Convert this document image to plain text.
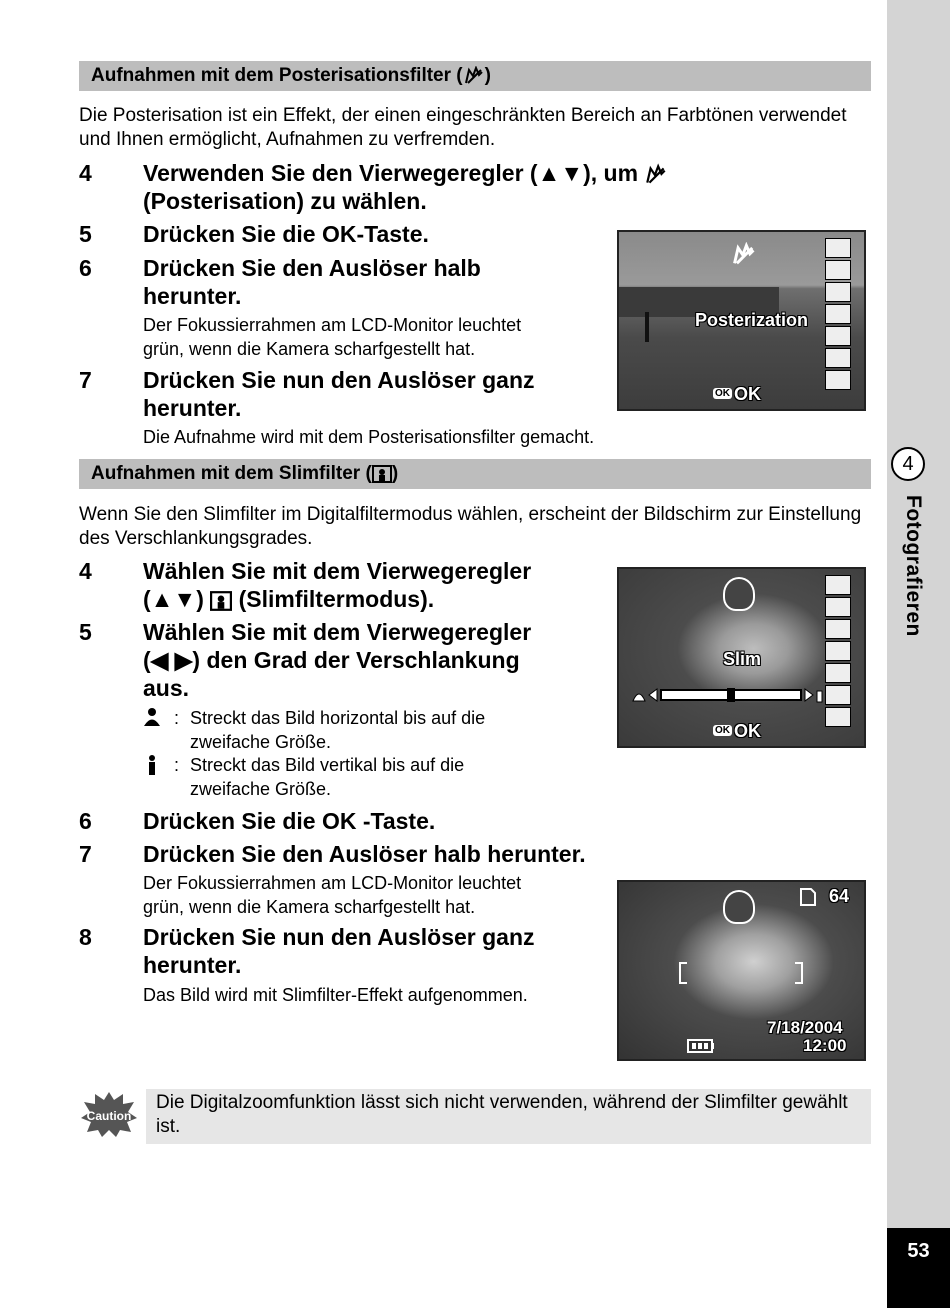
4
Fotografieren
53
Aufnahmen mit dem Posterisationsfilter ( )
Die Posterisation ist ein Effekt, der einen eingeschränkten Bereich an Farbtönen verwendet und Ihnen ermöglicht, Aufnahmen zu verfremden.
4 Verwenden Sie den Vierwegeregler (▲▼), um
(Posterisation) zu wählen.
5 Drücken Sie die OK-Taste.
6 Drücken Sie den Auslöser halb
herunter.
Der Fokussierrahmen am LCD-Monitor leuchtet
grün, wenn die Kamera scharfgestellt hat.
7 Drücken Sie nun den Auslöser ganz
herunter.
Die Aufnahme wird mit dem Posterisationsfilter gemacht.
Posterization
OK OK
Aufnahmen mit dem Slimfilter ( )
Wenn Sie den Slimfilter im Digitalfiltermodus wählen, erscheint der Bildschirm zur Einstellung des Verschlankungsgrades.
4 Wählen Sie mit dem Vierwegeregler
(▲▼) (Slimfiltermodus).
5 Wählen Sie mit dem Vierwegeregler
(◀ ▶) den Grad der Verschlankung
aus.
: Streckt das Bild horizontal bis auf die
zweifache Größe.
: Streckt das Bild vertikal bis auf die
zweifache Größe.
6 Drücken Sie die OK -Taste.
7 Drücken Sie den Auslöser halb herunter.
Der Fokussierrahmen am LCD-Monitor leuchtet
grün, wenn die Kamera scharfgestellt hat.
8 Drücken Sie nun den Auslöser ganz
herunter.
Das Bild wird mit Slimfilter-Effekt aufgenommen.
Slim
OK OK
64
7/18/2004
12:00
Caution
Die Digitalzoomfunktion lässt sich nicht verwenden, während der Slimfilter gewählt ist.
